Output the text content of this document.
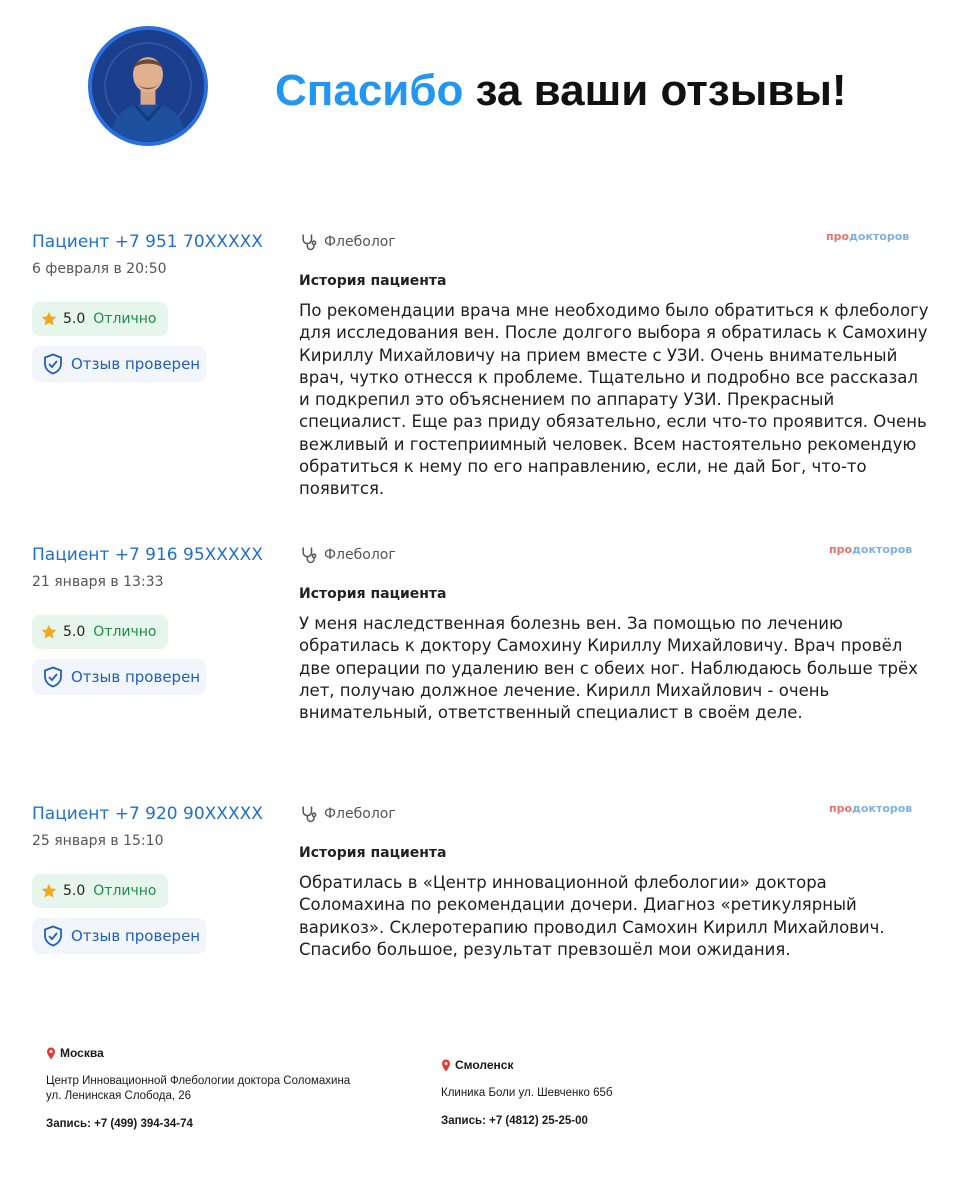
Спасибо за ваши отзывы!
Пациент +7 951 70XXXXX
6 февраля в 20:50
5.0 Отлично
Отзыв проверен
Флеболог	продокторов
История пациента
По рекомендации врача мне необходимо было обратиться к флебологу для исследования вен. После долгого выбора я обратилась к Самохину Кириллу Михайловичу на прием вместе с УЗИ. Очень внимательный врач, чутко отнесся к проблеме. Тщательно и подробно все рассказал и подкрепил это объяснением по аппарату УЗИ. Прекрасный специалист. Еще раз приду обязательно, если что-то проявится. Очень вежливый и гостеприимный человек. Всем настоятельно рекомендую обратиться к нему по его направлению, если, не дай Бог, что-то появится.
Пациент +7 916 95XXXXX
21 января в 13:33
5.0 Отлично
Отзыв проверен
Флеболог	продокторов
История пациента
У меня наследственная болезнь вен. За помощью по лечению обратилась к доктору Самохину Кириллу Михайловичу. Врач провёл две операции по удалению вен с обеих ног. Наблюдаюсь больше трёх лет, получаю должное лечение. Кирилл Михайлович - очень внимательный, ответственный специалист в своём деле.
Пациент +7 920 90XXXXX
25 января в 15:10
5.0 Отлично
Отзыв проверен
Флеболог	продокторов
История пациента
Обратилась в «Центр инновационной флебологии» доктора Соломахина по рекомендации дочери. Диагноз «ретикулярный варикоз». Склеротерапию проводил Самохин Кирилл Михайлович. Спасибо большое, результат превзошёл мои ожидания.
Москва
Центр Инновационной Флебологии доктора Соломахина
ул. Ленинская Слобода, 26
Запись: +7 (499) 394-34-74
Смоленск
Клиника Боли ул. Шевченко 65б
Запись: +7 (4812) 25-25-00
